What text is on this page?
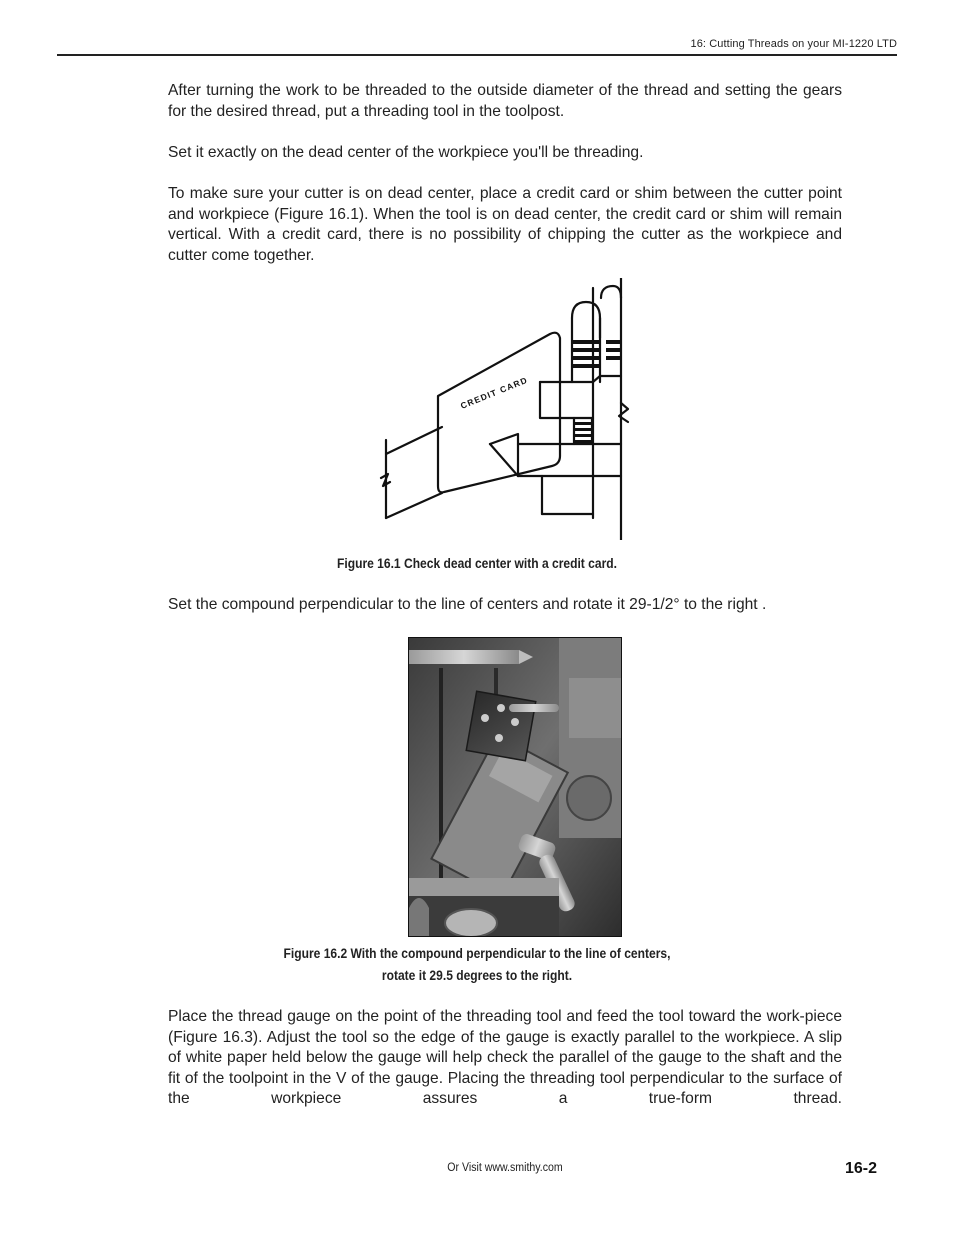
16: Cutting Threads on your MI-1220 LTD

After turning the work to be threaded to the outside diameter of the thread and setting the gears for the desired thread, put a threading tool in the toolpost.

Set it exactly on the dead center of the workpiece you'll be threading.

To make sure your cutter is on dead center, place a credit card or shim between the cutter point and workpiece (Figure 16.1). When the tool is on dead center, the credit card or shim will remain vertical. With a credit card, there is no possibility of chipping the cutter as the workpiece and cutter come together.

CREDIT CARD
Figure 16.1 Check dead center with a credit card.

Set the compound perpendicular to the line of centers and rotate it 29-1/2° to the right .

Figure 16.2 With the compound perpendicular to the line of centers,
rotate it 29.5 degrees to the right.

Place the thread gauge on the point of the threading tool and feed the tool toward the work-piece (Figure 16.3). Adjust the tool so the edge of the gauge is exactly parallel to the workpiece. A slip of white paper held below the gauge will help check the parallel of the gauge to the shaft and the fit of the toolpoint in the V of the gauge. Placing the threading tool perpendicular to the surface of the workpiece assures a true-form thread.

Or Visit www.smithy.com	16-2
